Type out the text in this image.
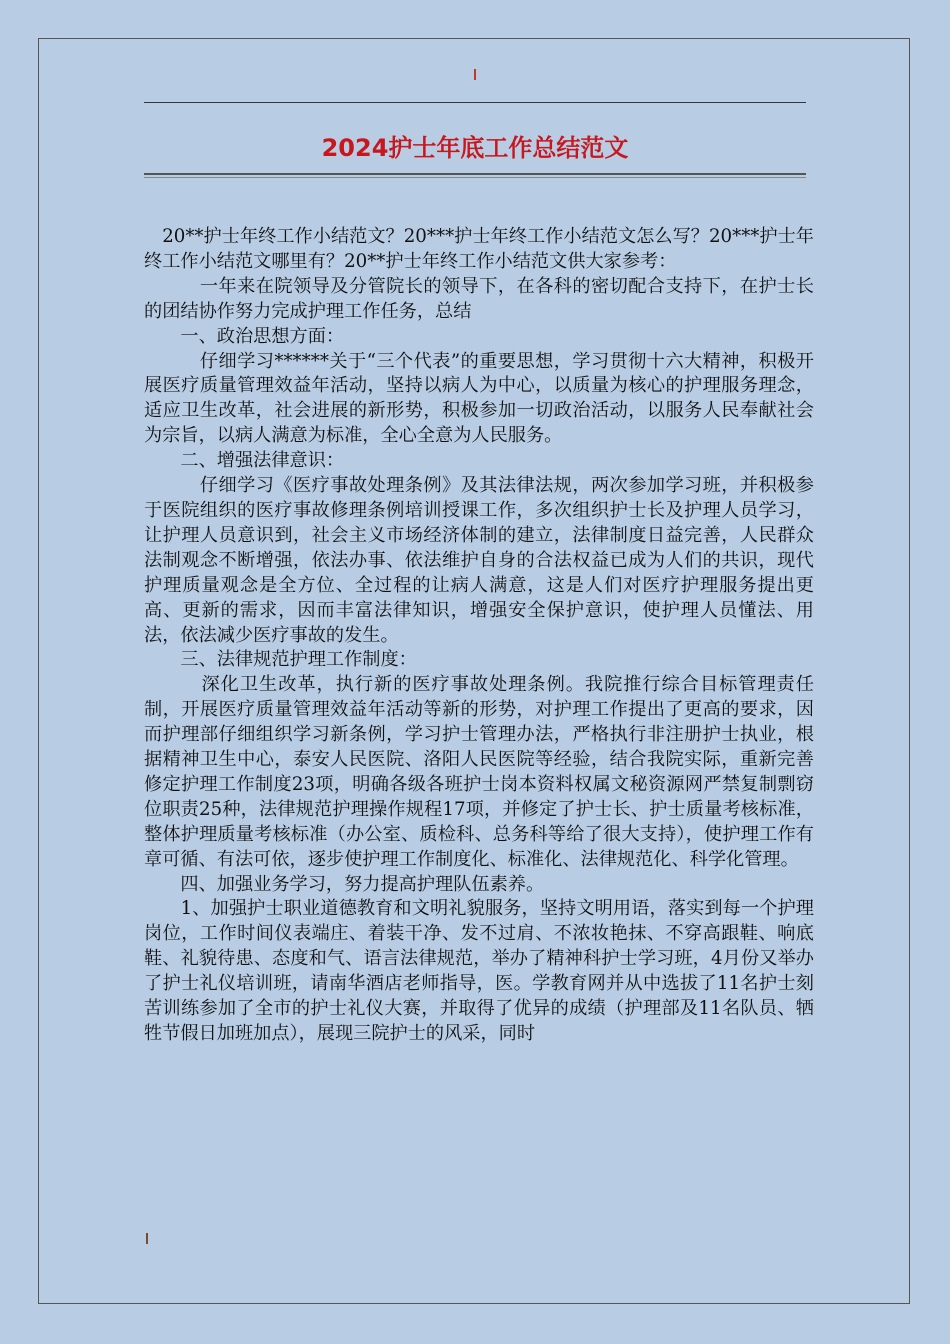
2024护士年底工作总结范文

　20**护士年终工作小结范文？20***护士年终工作小结范文怎么写？20***护士年终工作小结范文哪里有？20**护士年终工作小结范文供大家参考：

　　　一年来在院领导及分管院长的领导下，在各科的密切配合支持下，在护士长的团结协作努力完成护理工作任务，总结

　　一、政治思想方面：

　　　仔细学习******关于“三个代表”的重要思想，学习贯彻十六大精神，积极开展医疗质量管理效益年活动，坚持以病人为中心，以质量为核心的护理服务理念，适应卫生改革，社会进展的新形势，积极参加一切政治活动，以服务人民奉献社会为宗旨，以病人满意为标准，全心全意为人民服务。

　　二、增强法律意识：

　　　仔细学习《医疗事故处理条例》及其法律法规，两次参加学习班，并积极参于医院组织的医疗事故修理条例培训授课工作，多次组织护士长及护理人员学习，让护理人员意识到，社会主义市场经济体制的建立，法律制度日益完善，人民群众法制观念不断增强，依法办事、依法维护自身的合法权益已成为人们的共识，现代护理质量观念是全方位、全过程的让病人满意，这是人们对医疗护理服务提出更高、更新的需求，因而丰富法律知识，增强安全保护意识，使护理人员懂法、用法，依法减少医疗事故的发生。

　　三、法律规范护理工作制度：

　　　深化卫生改革，执行新的医疗事故处理条例。我院推行综合目标管理责任制，开展医疗质量管理效益年活动等新的形势，对护理工作提出了更高的要求，因而护理部仔细组织学习新条例，学习护士管理办法，严格执行非注册护士执业，根据精神卫生中心，泰安人民医院、洛阳人民医院等经验，结合我院实际，重新完善修定护理工作制度23项，明确各级各班护士岗本资料权属文秘资源网严禁复制剽窃位职责25种，法律规范护理操作规程17项，并修定了护士长、护士质量考核标准，整体护理质量考核标准（办公室、质检科、总务科等给了很大支持），使护理工作有章可循、有法可依，逐步使护理工作制度化、标准化、法律规范化、科学化管理。

　　四、加强业务学习，努力提高护理队伍素养。

　　1、加强护士职业道德教育和文明礼貌服务，坚持文明用语，落实到每一个护理岗位，工作时间仪表端庄、着装干净、发不过肩、不浓妆艳抹、不穿高跟鞋、响底鞋、礼貌待患、态度和气、语言法律规范，举办了精神科护士学习班，4月份又举办了护士礼仪培训班，请南华酒店老师指导，医。学教育网并从中选拔了11名护士刻苦训练参加了全市的护士礼仪大赛，并取得了优异的成绩（护理部及11名队员、牺牲节假日加班加点），展现三院护士的风采，同时
